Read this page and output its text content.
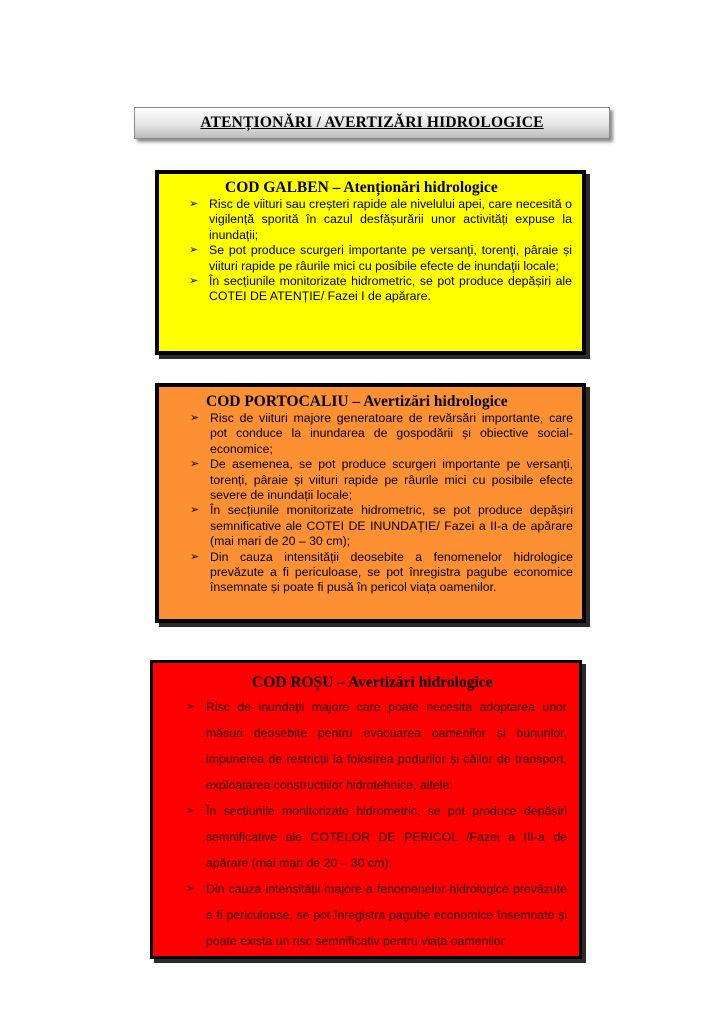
ATENȚIONĂRI / AVERTIZĂRI HIDROLOGICE
COD GALBEN – Atenționări hidrologice
➢ Risc de viituri sau creșteri rapide ale nivelului apei, care necesită o vigilență sporită în cazul desfășurării unor activități expuse la inundații;
➢ Se pot produce scurgeri importante pe versanţi, torenţi, pâraie și viituri rapide pe râurile mici cu posibile efecte de inundaţii locale;
➢ În secțiunile monitorizate hidrometric, se pot produce depășiri ale COTEI DE ATENȚIE/ Fazei I de apărare.
COD PORTOCALIU – Avertizări hidrologice
➢ Risc de viituri majore generatoare de revărsări importante, care pot conduce la inundarea de gospodării și obiective social-economice;
➢ De asemenea, se pot produce scurgeri importante pe versanți, torenți, pâraie și viituri rapide pe râurile mici cu posibile efecte severe de inundații locale;
➢ În secțiunile monitorizate hidrometric, se pot produce depășiri semnificative ale COTEI DE INUNDAȚIE/ Fazei a II-a de apărare (mai mari de 20 – 30 cm);
➢ Din cauza intensității deosebite a fenomenelor hidrologice prevăzute a fi periculoase, se pot înregistra pagube economice însemnate și poate fi pusă în pericol viața oamenilor.
COD ROȘU – Avertizări hidrologice
➢ Risc de inundații majore care poate necesita adoptarea unor măsuri deosebite pentru evacuarea oamenilor și bunurilor, impunerea de restricții la folosirea podurilor și căilor de transport, exploatarea construcțiilor hidrotehnice, altele;
➢ În secțiunile monitorizate hidrometric, se pot produce depășiri semnificative ale COTELOR DE PERICOL /Fazei a III-a de apărare (mai mari de 20 – 30 cm);
➢ Din cauza intensității majore a fenomenelor hidrologice prevăzute a fi periculoase, se pot înregistra pagube economice însemnate și poate exista un risc semnificativ pentru viața oamenilor
